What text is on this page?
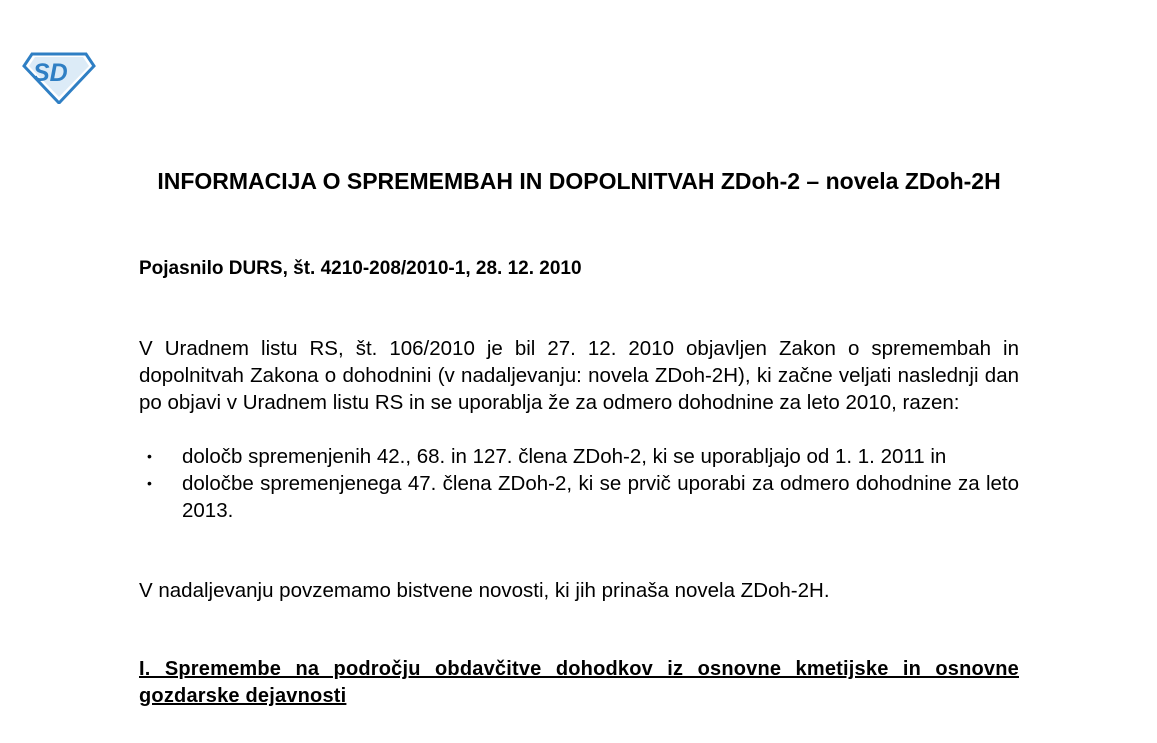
SD
INFORMACIJA O SPREMEMBAH IN DOPOLNITVAH ZDoh-2 – novela ZDoh-2H

Pojasnilo DURS, št. 4210-208/2010-1, 28. 12. 2010

V Uradnem listu RS, št. 106/2010 je bil 27. 12. 2010 objavljen Zakon o spremembah in dopolnitvah Zakona o dohodnini (v nadaljevanju: novela ZDoh-2H), ki začne veljati naslednji dan po objavi v Uradnem listu RS in se uporablja že za odmero dohodnine za leto 2010, razen:

• določb spremenjenih 42., 68. in 127. člena ZDoh-2, ki se uporabljajo od 1. 1. 2011 in
• določbe spremenjenega 47. člena ZDoh-2, ki se prvič uporabi za odmero dohodnine za leto 2013.

V nadaljevanju povzemamo bistvene novosti, ki jih prinaša novela ZDoh-2H.

I. Spremembe na področju obdavčitve dohodkov iz osnovne kmetijske in osnovne gozdarske dejavnosti
